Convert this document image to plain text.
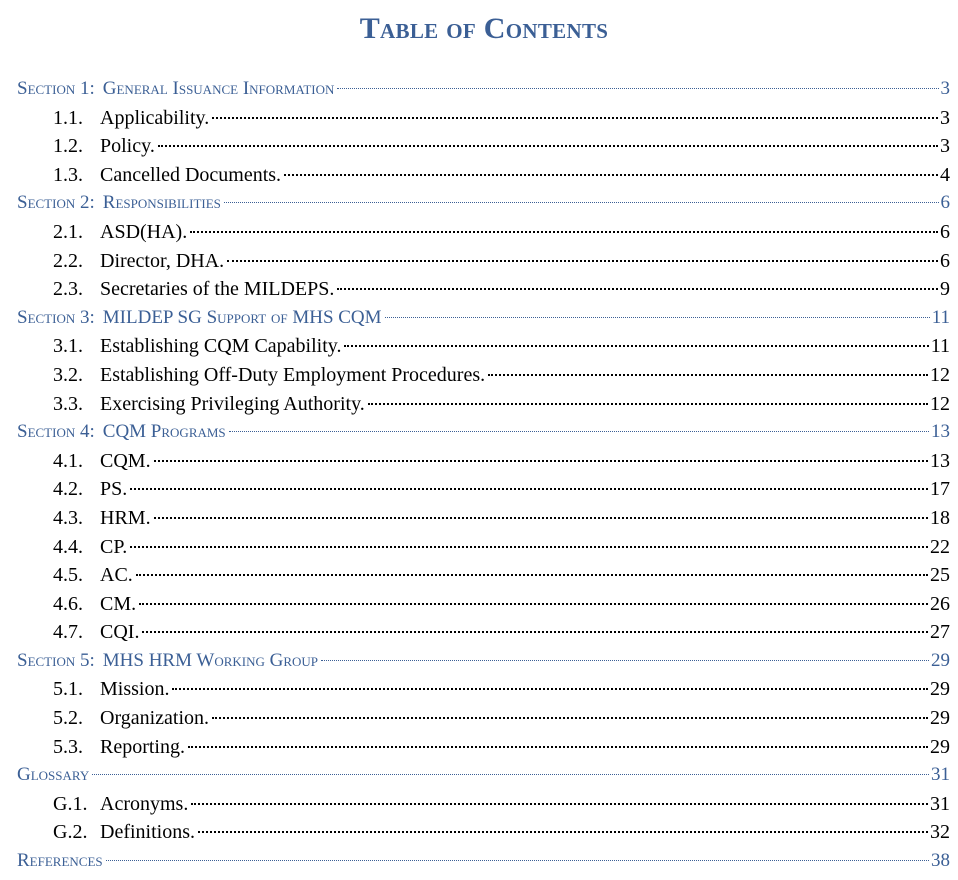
Table of Contents
Section 1: General Issuance Information	3
1.1. Applicability.	3
1.2. Policy.	3
1.3. Cancelled Documents.	4
Section 2: Responsibilities	6
2.1. ASD(HA).	6
2.2. Director, DHA.	6
2.3. Secretaries of the MILDEPS.	9
Section 3: MILDEP SG Support of MHS CQM	11
3.1. Establishing CQM Capability.	11
3.2. Establishing Off-Duty Employment Procedures.	12
3.3. Exercising Privileging Authority.	12
Section 4: CQM Programs	13
4.1. CQM.	13
4.2. PS.	17
4.3. HRM.	18
4.4. CP.	22
4.5. AC.	25
4.6. CM.	26
4.7. CQI.	27
Section 5: MHS HRM Working Group	29
5.1. Mission.	29
5.2. Organization.	29
5.3. Reporting.	29
Glossary	31
G.1. Acronyms.	31
G.2. Definitions.	32
References	38
